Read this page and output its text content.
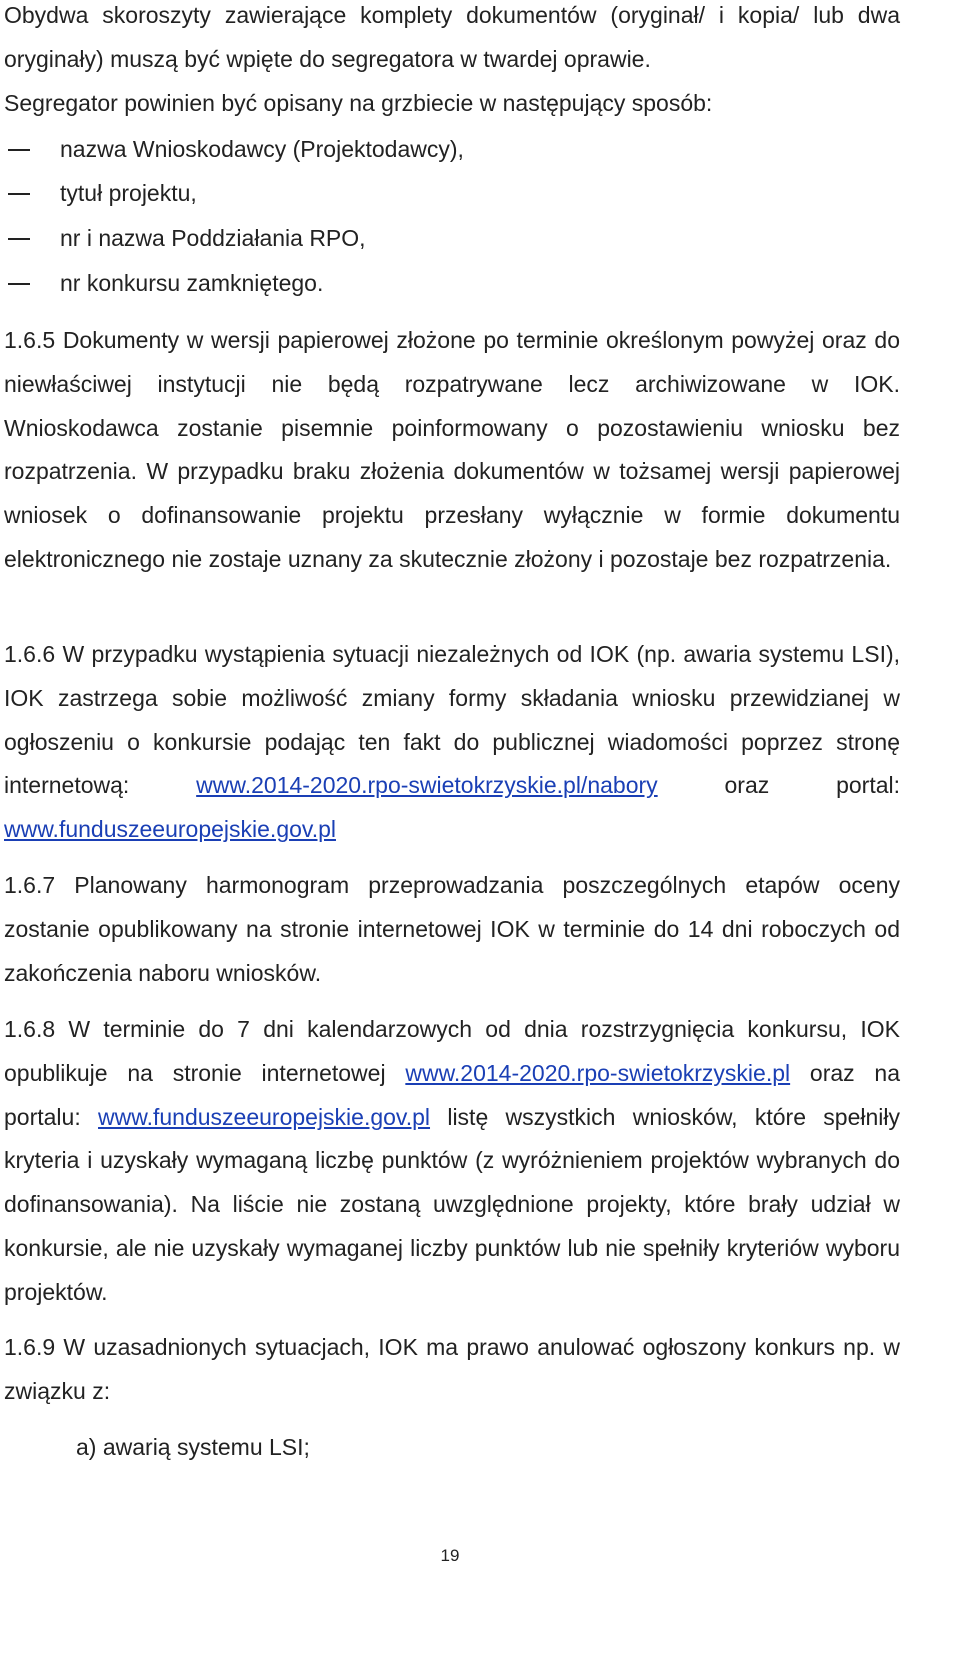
Obydwa skoroszyty zawierające komplety dokumentów (oryginał/ i kopia/ lub dwa oryginały) muszą być wpięte do segregatora w twardej oprawie.
Segregator powinien być opisany na grzbiecie w następujący sposób:

nazwa Wnioskodawcy (Projektodawcy),
tytuł projektu,
nr i nazwa Poddziałania RPO,
nr konkursu zamkniętego.

1.6.5 Dokumenty w wersji papierowej złożone po terminie określonym powyżej oraz do niewłaściwej instytucji nie będą rozpatrywane lecz archiwizowane w IOK. Wnioskodawca zostanie pisemnie poinformowany o pozostawieniu wniosku bez rozpatrzenia. W przypadku braku złożenia dokumentów w tożsamej wersji papierowej wniosek o dofinansowanie projektu przesłany wyłącznie w formie dokumentu elektronicznego nie zostaje uznany za skutecznie złożony i pozostaje bez rozpatrzenia.

1.6.6 W przypadku wystąpienia sytuacji niezależnych od IOK (np. awaria systemu LSI), IOK zastrzega sobie możliwość zmiany formy składania wniosku przewidzianej w ogłoszeniu o konkursie podając ten fakt do publicznej wiadomości poprzez stronę internetową:	www.2014-2020.rpo-swietokrzyskie.pl/nabory	oraz portal: www.funduszeeuropejskie.gov.pl

1.6.7 Planowany harmonogram przeprowadzania poszczególnych etapów oceny zostanie opublikowany na stronie internetowej IOK w terminie do 14 dni roboczych od zakończenia naboru wniosków.

1.6.8 W terminie do 7 dni kalendarzowych od dnia rozstrzygnięcia konkursu, IOK opublikuje na stronie internetowej www.2014-2020.rpo-swietokrzyskie.pl oraz na portalu: www.funduszeeuropejskie.gov.pl listę wszystkich wniosków, które spełniły kryteria i uzyskały wymaganą liczbę punktów (z wyróżnieniem projektów wybranych do dofinansowania). Na liście nie zostaną uwzględnione projekty, które brały udział w konkursie, ale nie uzyskały wymaganej liczby punktów lub nie spełniły kryteriów wyboru projektów.

1.6.9 W uzasadnionych sytuacjach, IOK ma prawo anulować ogłoszony konkurs np. w związku z:

a) awarią systemu LSI;
19
